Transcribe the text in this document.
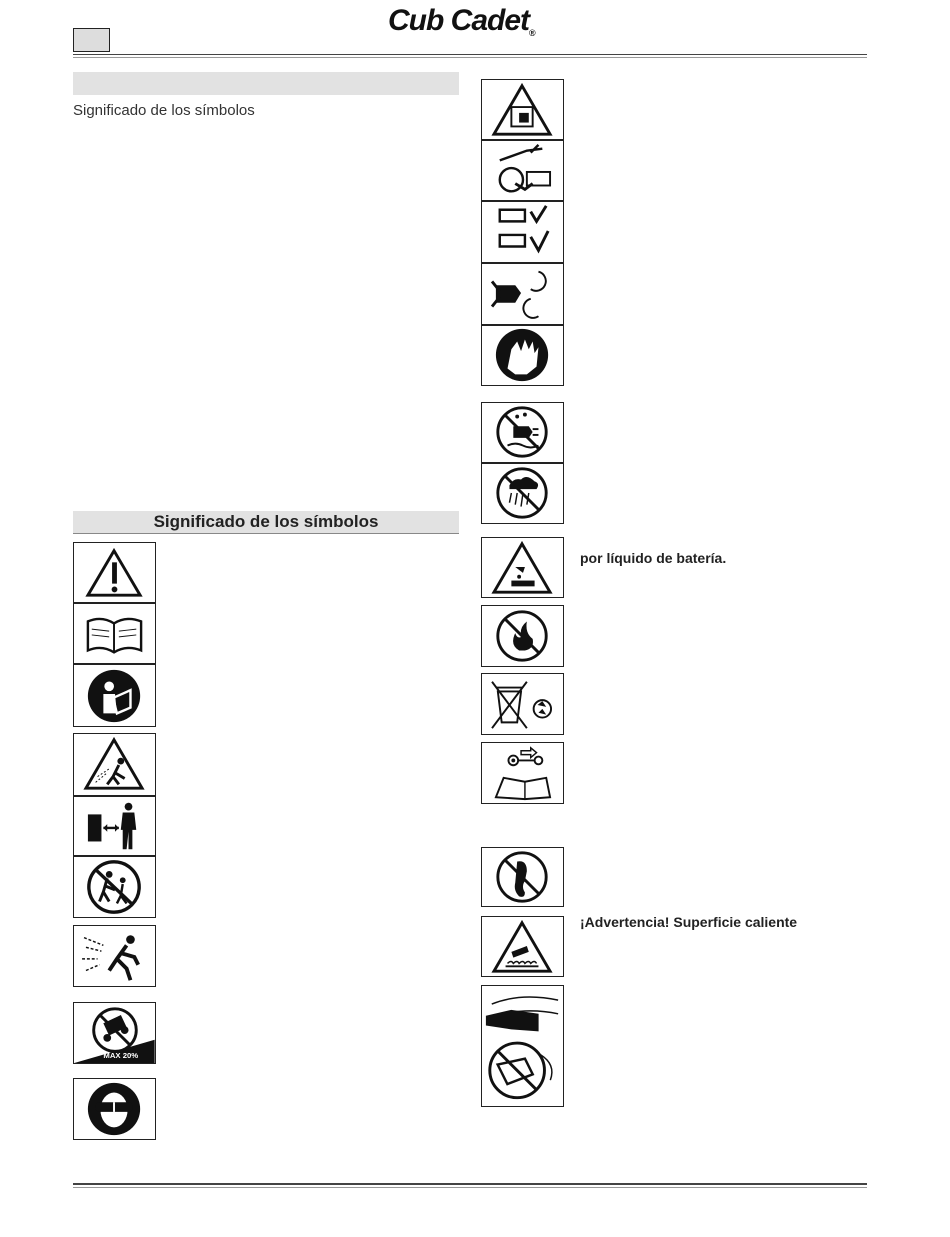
Cub Cadet®
Significado de los símbolos
Significado de los símbolos
MAX 20%
por líquido de batería.
¡Advertencia! Superficie caliente
